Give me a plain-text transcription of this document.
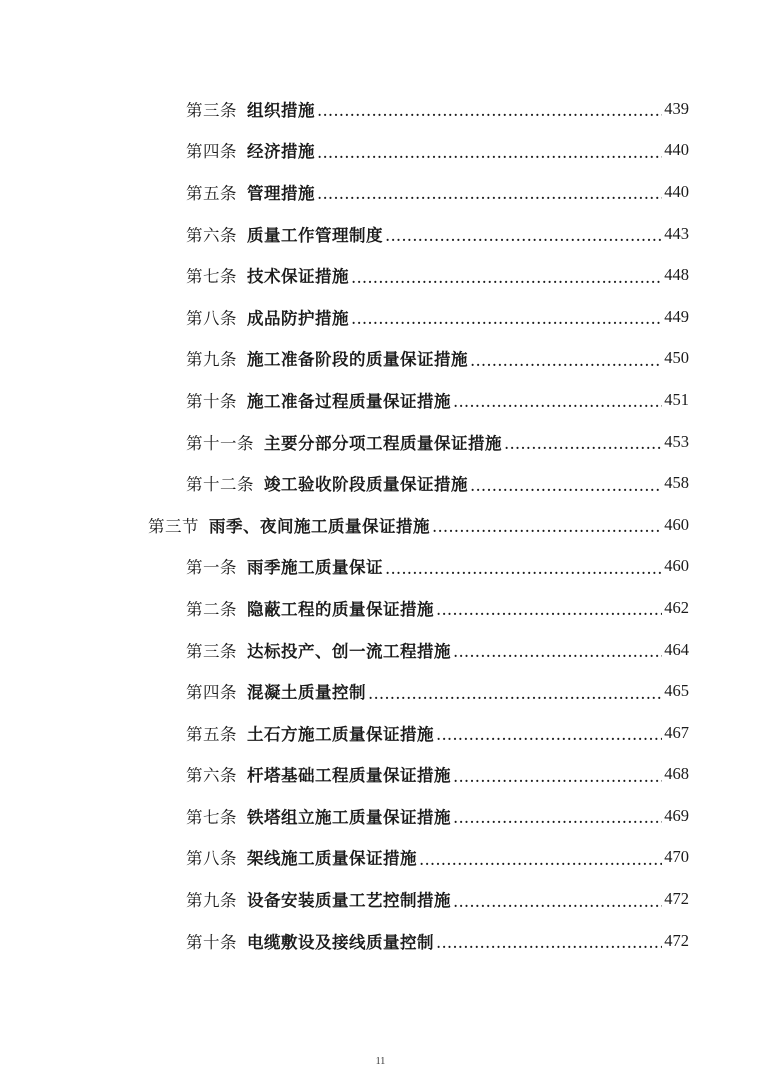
第三条 组织措施 .....	439
第四条 经济措施 .....	440
第五条 管理措施 .....	440
第六条 质量工作管理制度 .....	443
第七条 技术保证措施 .....	448
第八条 成品防护措施 .....	449
第九条 施工准备阶段的质量保证措施 .....	450
第十条 施工准备过程质量保证措施 .....	451
第十一条 主要分部分项工程质量保证措施 .....	453
第十二条 竣工验收阶段质量保证措施 .....	458
第三节 雨季、夜间施工质量保证措施 .....	460
第一条 雨季施工质量保证 .....	460
第二条 隐蔽工程的质量保证措施 .....	462
第三条 达标投产、创一流工程措施 .....	464
第四条 混凝土质量控制 .....	465
第五条 土石方施工质量保证措施 .....	467
第六条 杆塔基础工程质量保证措施 .....	468
第七条 铁塔组立施工质量保证措施 .....	469
第八条 架线施工质量保证措施 .....	470
第九条 设备安装质量工艺控制措施 .....	472
第十条 电缆敷设及接线质量控制 .....	472
11
